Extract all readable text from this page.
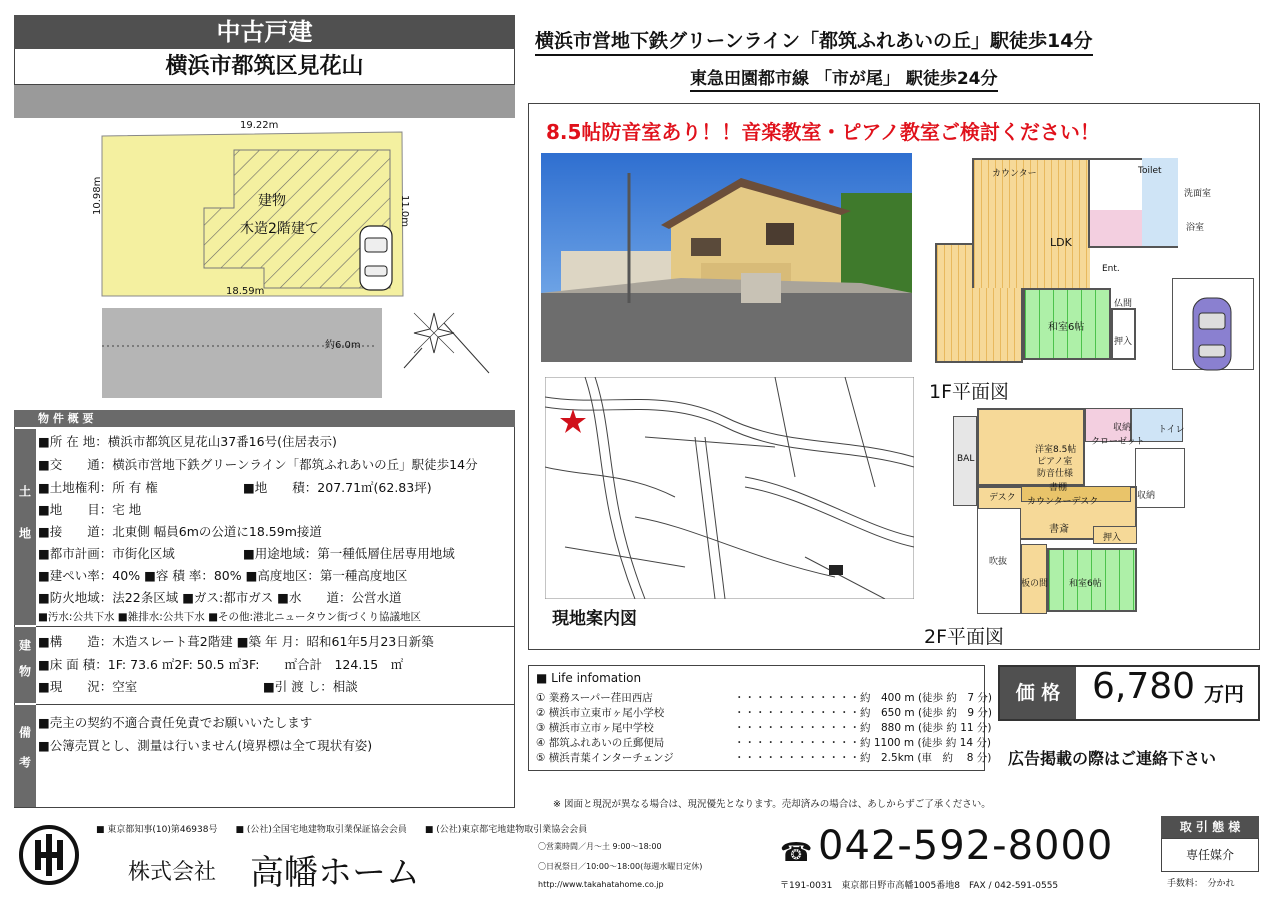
中古戸建
横浜市都筑区見花山
19.22m
18.59m
10.98m	11.0m
建物
木造2階建て
約6.0m
物 件 概 要
土地
建物
備考
■所 在 地：横浜市都筑区見花山37番16号(住居表示)
■交　　通：横浜市営地下鉄グリーンライン「都筑ふれあいの丘」駅徒歩14分
■土地権利：所 有 権	■地　　積：207.71㎡(62.83坪)
■地　　目：宅 地
■接　　道：北東側 幅員6mの公道に18.59m接道
■都市計画：市街化区域	■用途地域：第一種低層住居専用地域
■建ぺい率：40% ■容 積 率：80% ■高度地区：第一種高度地区
■防火地域：法22条区域 ■ガス:都市ガス ■水　　道：公営水道
■汚水:公共下水 ■雑排水:公共下水 ■その他:港北ニュータウン街づくり協議地区
■構　　造：木造スレート葺2階建 ■築 年 月：昭和61年5月23日新築
■床 面 積：1F: 73.6 ㎡2F: 50.5 ㎡3F:　　㎡合計　124.15　㎡
■現　　況：空室	■引 渡 し：相談
■売主の契約不適合責任免責でお願いいたします
■公簿売買とし、測量は行いません(境界標は全て現状有姿)
横浜市営地下鉄グリーンライン「都筑ふれあいの丘」駅徒歩14分
東急田園都市線 「市が尾」 駅徒歩24分
8.5帖防音室あり！！音楽教室・ピアノ教室ご検討ください！
現地案内図
カウンター	Toilet
洗面室
浴室
LDK
Ent.
仏間
和室6帖
押入
1F平面図
収納	トイレ
クローゼット
BAL
洋室8.5帖
ピアノ室
防音仕様
デスク
書棚
カウンターデスク
収納
書斎
押入
吹抜
板の間 和室6帖
2F平面図
■ Life infomation
① 業務スーパー荏田西店	・・・・・・・・・・・・約　400 m (徒歩 約　7 分)
② 横浜市立東市ヶ尾小学校	・・・・・・・・・・・・約　650 m (徒歩 約　9 分)
③ 横浜市立市ヶ尾中学校	・・・・・・・・・・・・約　880 m (徒歩 約 11 分)
④ 都筑ふれあいの丘郵便局	・・・・・・・・・・・・約 1100 m (徒歩 約 14 分)
⑤ 横浜青葉インターチェンジ	・・・・・・・・・・・・約　2.5km (車　約　 8 分)
価 格 6,780 万円
広告掲載の際はご連絡下さい
※ 図面と現況が異なる場合は、現況優先となります。売却済みの場合は、あしからずご了承ください。
■ 東京都知事(10)第46938号　　■ (公社)全国宅地建物取引業保証協会会員　　■ (公社)東京都宅地建物取引業協会会員
株式会社 高幡ホーム
〇営業時間／月～土 9:00～18:00
〇日祝祭日／10:00～18:00(毎週水曜日定休)
http://www.takahatahome.co.jp
☎ 042-592-8000
〒191-0031　東京都日野市高幡1005番地8　FAX / 042-591-0555
取 引 態 様
専任媒介
手数料：　分かれ
